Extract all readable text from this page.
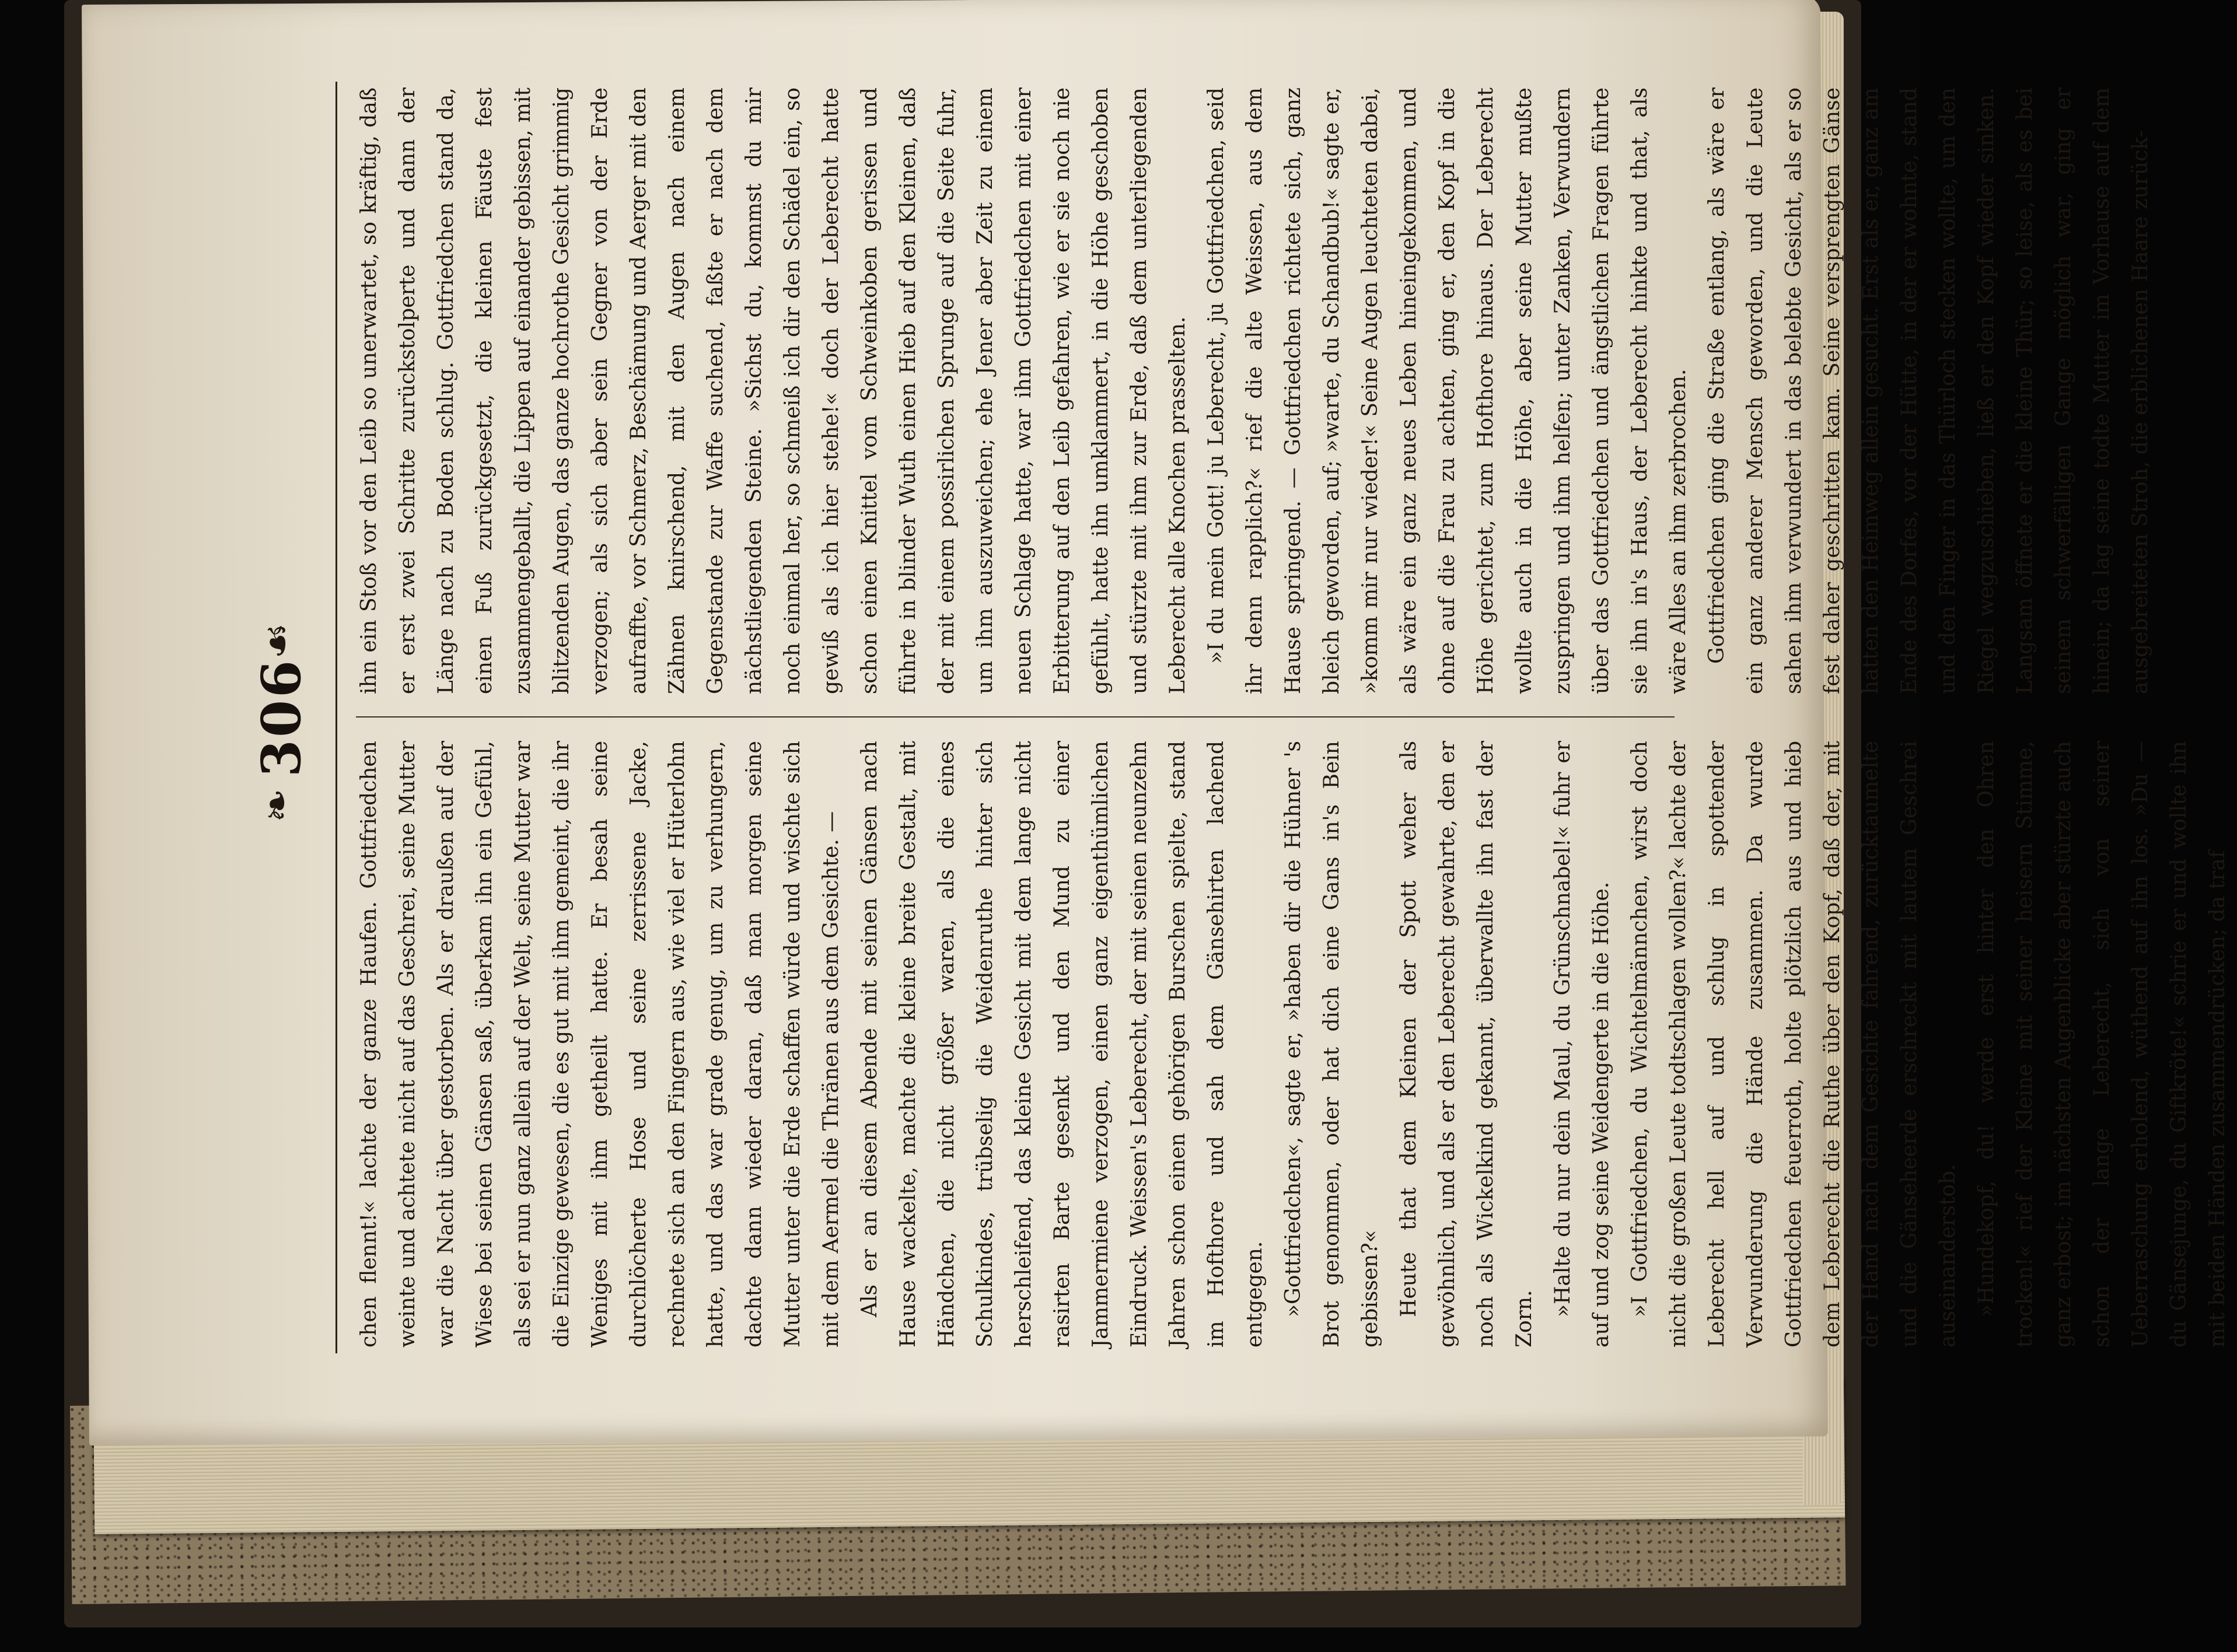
❧
306
☙

chen flennt!« lachte der ganze Haufen. Gottfriedchen weinte und achtete nicht auf das Geschrei, seine Mutter war die Nacht über gestorben. Als er draußen auf der Wiese bei seinen Gänsen saß, überkam ihn ein Gefühl, als sei er nun ganz allein auf der Welt, seine Mutter war die Einzige gewesen, die es gut mit ihm gemeint, die ihr Weniges mit ihm getheilt hatte. Er besah seine durchlöcherte Hose und seine zerrissene Jacke, rechnete sich an den Fingern aus, wie viel er Hüterlohn hatte, und das war grade genug, um zu verhungern, dachte dann wieder daran, daß man morgen seine Mutter unter die Erde schaffen würde und wischte sich mit dem Aermel die Thränen aus dem Gesichte. — Als er an diesem Abende mit seinen Gänsen nach Hause wackelte, machte die kleine breite Gestalt, mit Händchen, die nicht größer waren, als die eines Schulkindes, trübselig die Weidenruthe hinter sich herschleifend, das kleine Gesicht mit dem lange nicht rasirten Barte gesenkt und den Mund zu einer Jammermiene verzogen, einen ganz eigenthümlichen Eindruck. Weissen's Leberecht, der mit seinen neunzehn Jahren schon einen gehörigen Burschen spielte, stand im Hofthore und sah dem Gänsehirten lachend entgegen. »Gottfriedchen«, sagte er, »haben dir die Hühner 's Brot genommen, oder hat dich eine Gans in's Bein gebissen?« Heute that dem Kleinen der Spott weher als gewöhnlich, und als er den Leberecht gewahrte, den er noch als Wickelkind gekannt, überwallte ihn fast der Zorn.

»Halte du nur dein Maul, du Grünschnabel!« fuhr er auf und zog seine Weidengerte in die Höhe. »I Gottfriedchen, du Wichtelmännchen, wirst doch nicht die großen Leute todtschlagen wollen?« lachte der Leberecht hell auf und schlug in spottender Verwunderung die Hände zusammen. Da wurde Gottfriedchen feuerroth, holte plötzlich aus und hieb dem Leberecht die Ruthe über den Kopf, daß der, mit der Hand nach dem Gesichte fahrend, zurücktaumelte und die Gänseheerde erschreckt mit lautem Geschrei auseinanderstob. »Hundekopf, du! werde erst hinter den Ohren trocken!« rief der Kleine mit seiner heisern Stimme, ganz erbost; im nächsten Augenblicke aber stürzte auch schon der lange Leberecht, sich von seiner Ueberraschung erholend, wüthend auf ihn los. »Du — du Gänsejunge, du Giftkröte!« schrie er und wollte ihn mit beiden Händen zusammendrücken; da traf

ihn ein Stoß vor den Leib so unerwartet, so kräftig, daß er erst zwei Schritte zurückstolperte und dann der Länge nach zu Boden schlug. Gottfriedchen stand da, einen Fuß zurückgesetzt, die kleinen Fäuste fest zusammengeballt, die Lippen auf einander gebissen, mit blitzenden Augen, das ganze hochrothe Gesicht grimmig verzogen; als sich aber sein Gegner von der Erde aufraffte, vor Schmerz, Beschämung und Aerger mit den Zähnen knirschend, mit den Augen nach einem Gegenstande zur Waffe suchend, faßte er nach dem nächstliegenden Steine. »Sichst du, kommst du mir noch einmal her, so schmeiß ich dir den Schädel ein, so gewiß als ich hier stehe!« doch der Leberecht hatte schon einen Knittel vom Schweinkoben gerissen und führte in blinder Wuth einen Hieb auf den Kleinen, daß der mit einem possirlichen Sprunge auf die Seite fuhr, um ihm auszuweichen; ehe Jener aber Zeit zu einem neuen Schlage hatte, war ihm Gottfriedchen mit einer Erbitterung auf den Leib gefahren, wie er sie noch nie gefühlt, hatte ihn umklammert, in die Höhe geschoben und stürzte mit ihm zur Erde, daß dem unterliegenden Leberecht alle Knochen prasselten. »I du mein Gott! ju Leberecht, ju Gottfriedchen, seid ihr denn rapplich?« rief die alte Weissen, aus dem Hause springend. — Gottfriedchen richtete sich, ganz bleich geworden, auf; »warte, du Schandbub!« sagte er, »komm mir nur wieder!« Seine Augen leuchteten dabei, als wäre ein ganz neues Leben hineingekommen, und ohne auf die Frau zu achten, ging er, den Kopf in die Höhe gerichtet, zum Hofthore hinaus. Der Leberecht wollte auch in die Höhe, aber seine Mutter mußte zuspringen und ihm helfen; unter Zanken, Verwundern über das Gottfriedchen und ängstlichen Fragen führte sie ihn in's Haus, der Leberecht hinkte und that, als wäre Alles an ihm zerbrochen. Gottfriedchen ging die Straße entlang, als wäre er ein ganz anderer Mensch geworden, und die Leute sahen ihm verwundert in das belebte Gesicht, als er so fest daher geschritten kam. Seine versprengten Gänse hatten den Heimweg allein gesucht. Erst als er, ganz am Ende des Dorfes, vor der Hütte, in der er wohnte, stand und den Finger in das Thürloch stecken wollte, um den Riegel wegzuschieben, ließ er den Kopf wieder sinken. Langsam öffnete er die kleine Thür; so leise, als es bei seinem schwerfälligen Gange möglich war, ging er hinein; da lag seine todte Mutter im Vorhause auf dem ausgebreiteten Stroh, die erblichenen Haare zurück-
